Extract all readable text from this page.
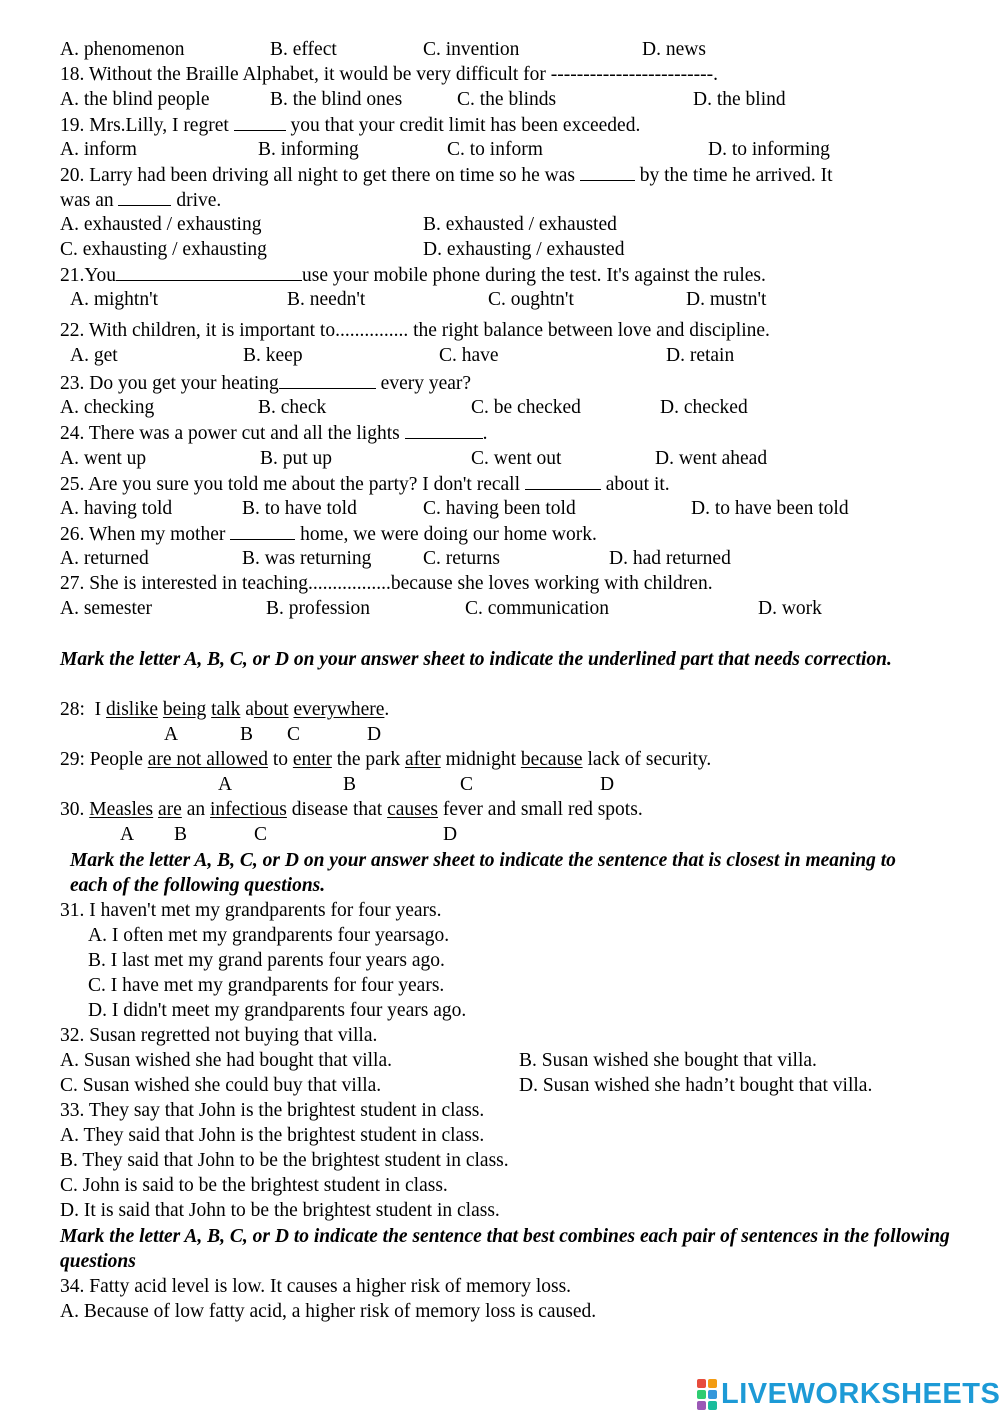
A. phenomenon	B. effect	C. invention	D. news
18. Without the Braille Alphabet, it would be very difficult for -------------------------.
A. the blind people	B. the blind ones	C. the blinds	D. the blind
19. Mrs.Lilly, I regret	you that your credit limit has been exceeded.
A. inform	B. informing	C. to inform	D. to informing
20. Larry had been driving all night to get there on time so he was	by the time he arrived. It
was an	drive.
A. exhausted / exhausting	B. exhausted / exhausted
C. exhausting / exhausting	D. exhausting / exhausted
21.You	use your mobile phone during the test. It's against the rules.
A. mightn't	B. needn't	C. oughtn't	D. mustn't
22. With children, it is important to............... the right balance between love and discipline.
A. get	B. keep	C. have	D. retain
23. Do you get your heating	every year?
A. checking	B. check	C. be checked	D. checked
24. There was a power cut and all the lights	.
A. went up	B. put up	C. went out	D. went ahead
25. Are you sure you told me about the party? I don't recall	about it.
A. having told	B. to have told	C. having been told	D. to have been told
26. When my mother	home, we were doing our home work.
A. returned	B. was returning	C. returns	D. had returned
27. She is interested in teaching.................because she loves working with children.
A. semester	B. profession	C. communication	D. work
Mark the letter A, B, C, or D on your answer sheet to indicate the underlined part that needs correction.
28:  I dislike being talk about everywhere.
A	B C	D
29: People are not allowed to enter the park after midnight because lack of security.
A	B	C	D
30. Measles are an infectious disease that causes fever and small red spots.
A B	C	D
Mark the letter A, B, C, or D on your answer sheet to indicate the sentence that is closest in meaning to each of the following questions.
31. I haven't met my grandparents for four years.
A. I often met my grandparents four yearsago.
B. I last met my grand parents four years ago.
C. I have met my grandparents for four years.
D. I didn't meet my grandparents four years ago.
32. Susan regretted not buying that villa.
A. Susan wished she had bought that villa.	B. Susan wished she bought that villa.
C. Susan wished she could buy that villa.	D. Susan wished she hadn’t bought that villa.
33. They say that John is the brightest student in class.
A. They said that John is the brightest student in class.
B. They said that John to be the brightest student in class.
C. John is said to be the brightest student in class.
D. It is said that John to be the brightest student in class.
Mark the letter A, B, C, or D to indicate the sentence that best combines each pair of sentences in the following questions
34. Fatty acid level is low. It causes a higher risk of memory loss.
A. Because of low fatty acid, a higher risk of memory loss is caused.
LIVEWORKSHEETS
